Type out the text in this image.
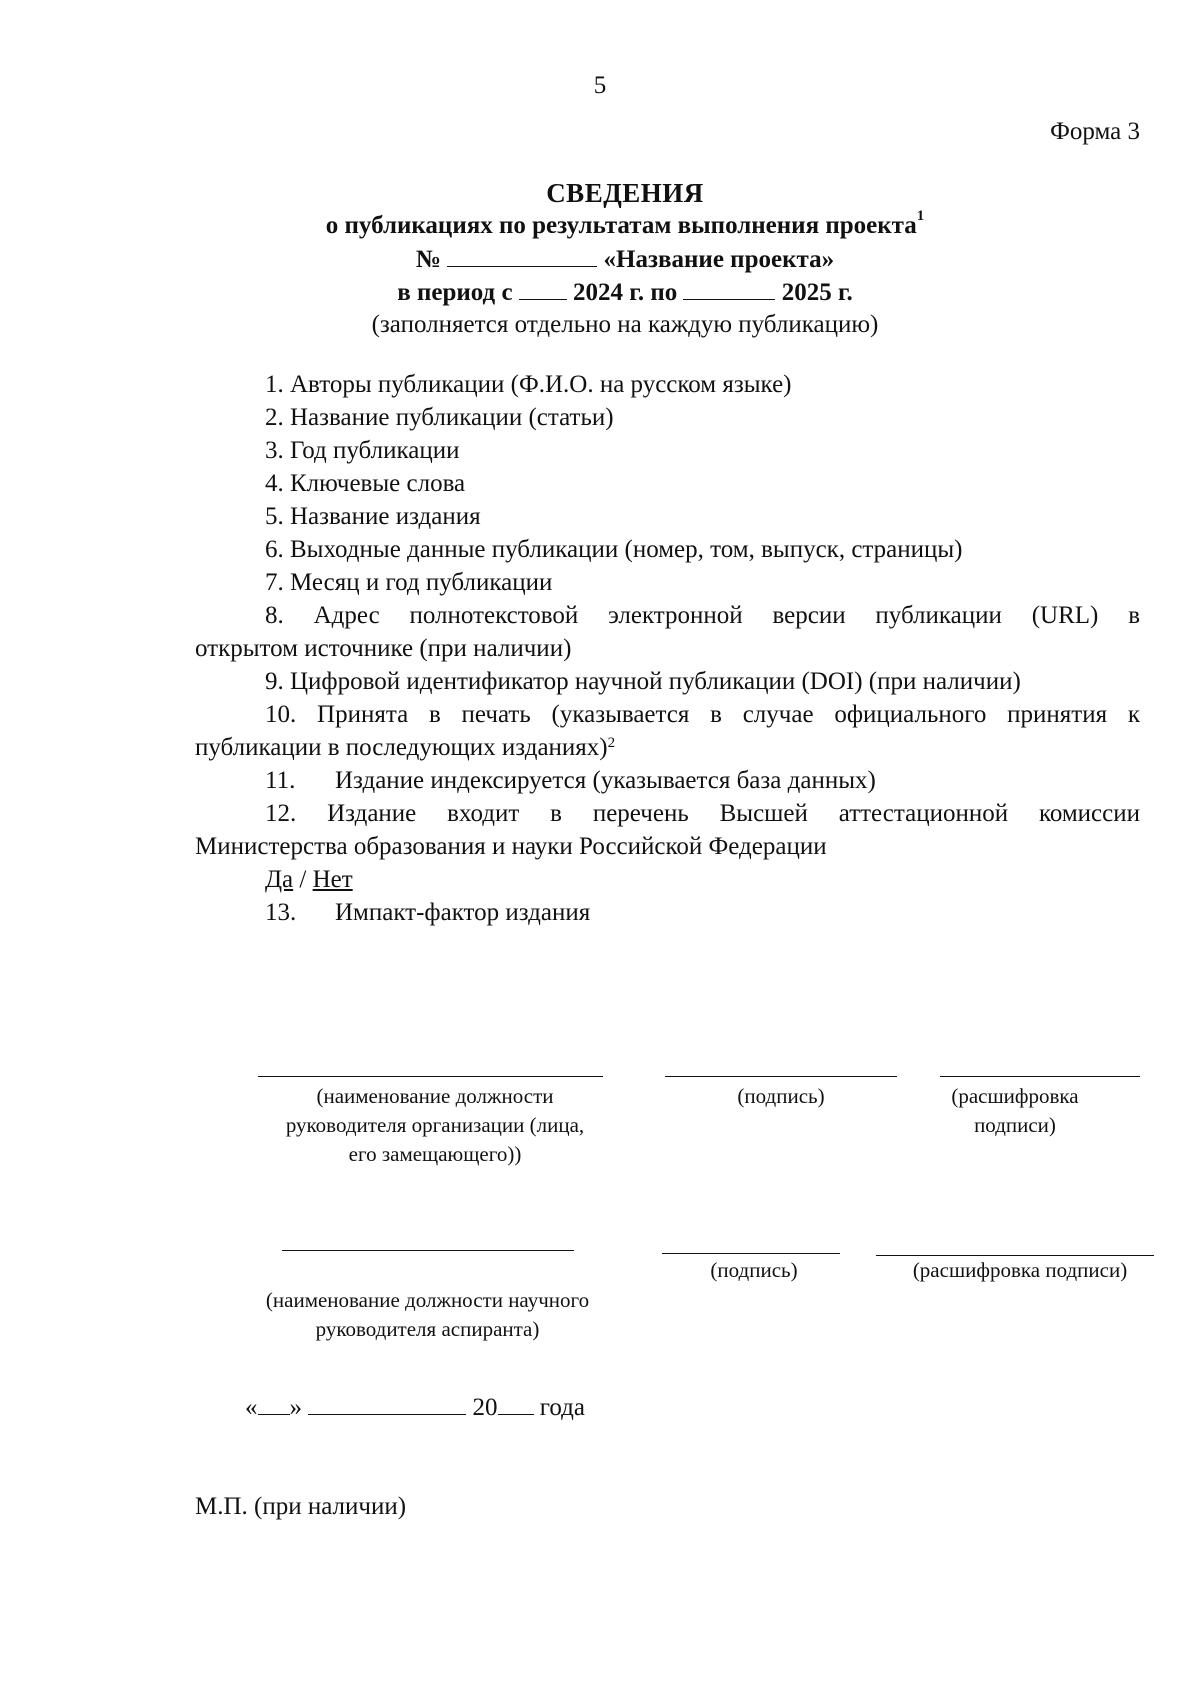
5
Форма 3
СВЕДЕНИЯ
о публикациях по результатам выполнения проекта$^1$
№	«Название проекта»
в период с 2024 г. по	2025 г.
(заполняется отдельно на каждую публикацию)
1. Авторы публикации (Ф.И.О. на русском языке)
2. Название публикации (статьи)
3. Год публикации
4. Ключевые слова
5. Название издания
6. Выходные данные публикации (номер, том, выпуск, страницы)
7. Месяц и год публикации
8. Адрес полнотекстовой электронной версии публикации (URL) в
открытом источнике (при наличии)
9. Цифровой идентификатор научной публикации (DOI) (при наличии)
10. Принята в печать (указывается в случае официального принятия к
публикации в последующих изданиях)$^2$
11. Издание индексируется (указывается база данных)
12. Издание входит в перечень Высшей аттестационной комиссии
Министерства образования и науки Российской Федерации
Да / Нет
13. Импакт-фактор издания
(наименование должности руководителя организации (лица, его замещающего))
(подпись)	(расшифровка подписи)
(наименование должности научного руководителя аспиранта)
(подпись)	(расшифровка подписи)
« »	20 года
М.П. (при наличии)
